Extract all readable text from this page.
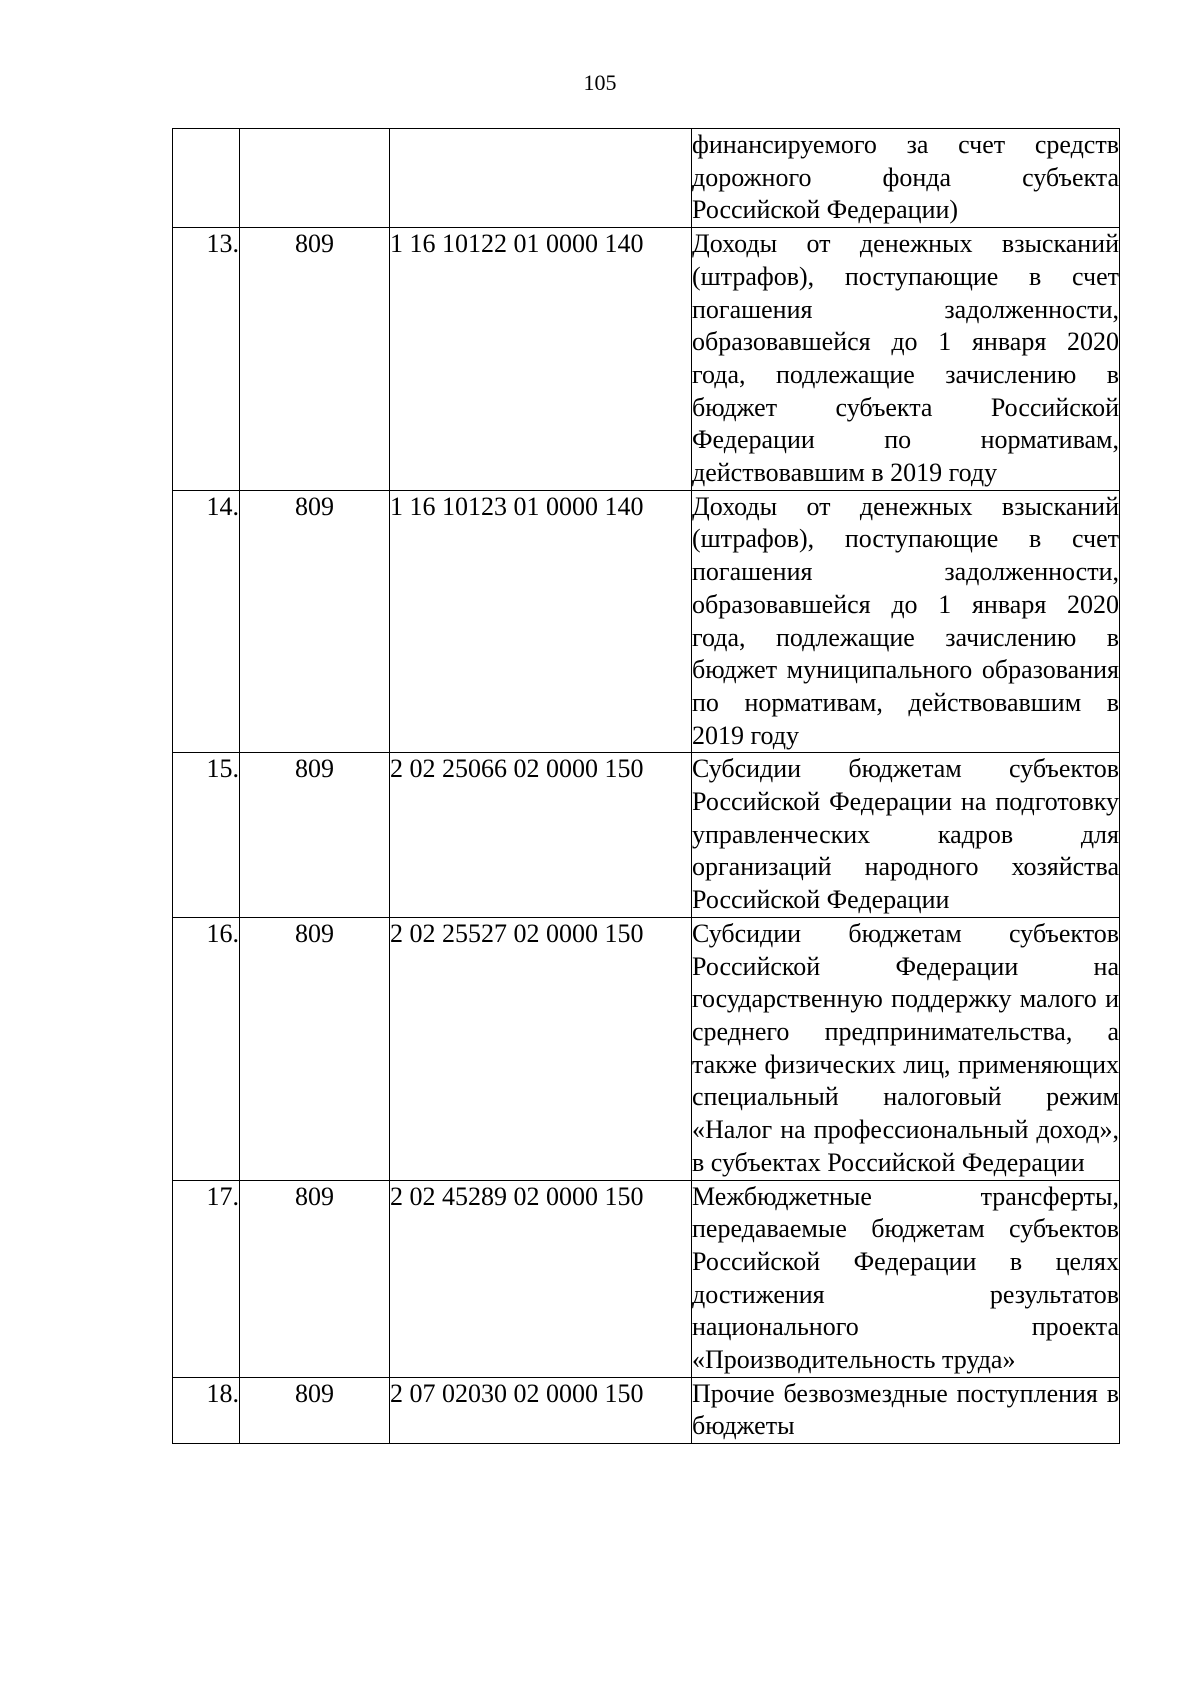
105

			финансируемого за счет средств дорожного фонда субъекта Российской Федерации)

13.	809	1 16 10122 01 0000 140	Доходы от денежных взысканий (штрафов), поступающие в счет погашения задолженности, образовавшейся до 1 января 2020 года, подлежащие зачислению в бюджет субъекта Российской Федерации по нормативам, действовавшим в 2019 году

14.	809	1 16 10123 01 0000 140	Доходы от денежных взысканий (штрафов), поступающие в счет погашения задолженности, образовавшейся до 1 января 2020 года, подлежащие зачислению в бюджет муниципального образования по нормативам, действовавшим в 2019 году

15.	809	2 02 25066 02 0000 150	Субсидии бюджетам субъектов Российской Федерации на подготовку управленческих кадров для организаций народного хозяйства Российской Федерации

16.	809	2 02 25527 02 0000 150	Субсидии бюджетам субъектов Российской Федерации на государственную поддержку малого и среднего предпринимательства, а также физических лиц, применяющих специальный налоговый режим «Налог на профессиональный доход», в субъектах Российской Федерации

17.	809	2 02 45289 02 0000 150	Межбюджетные трансферты, передаваемые бюджетам субъектов Российской Федерации в целях достижения результатов национального проекта «Производительность труда»

18.	809	2 07 02030 02 0000 150	Прочие безвозмездные поступления в бюджеты
